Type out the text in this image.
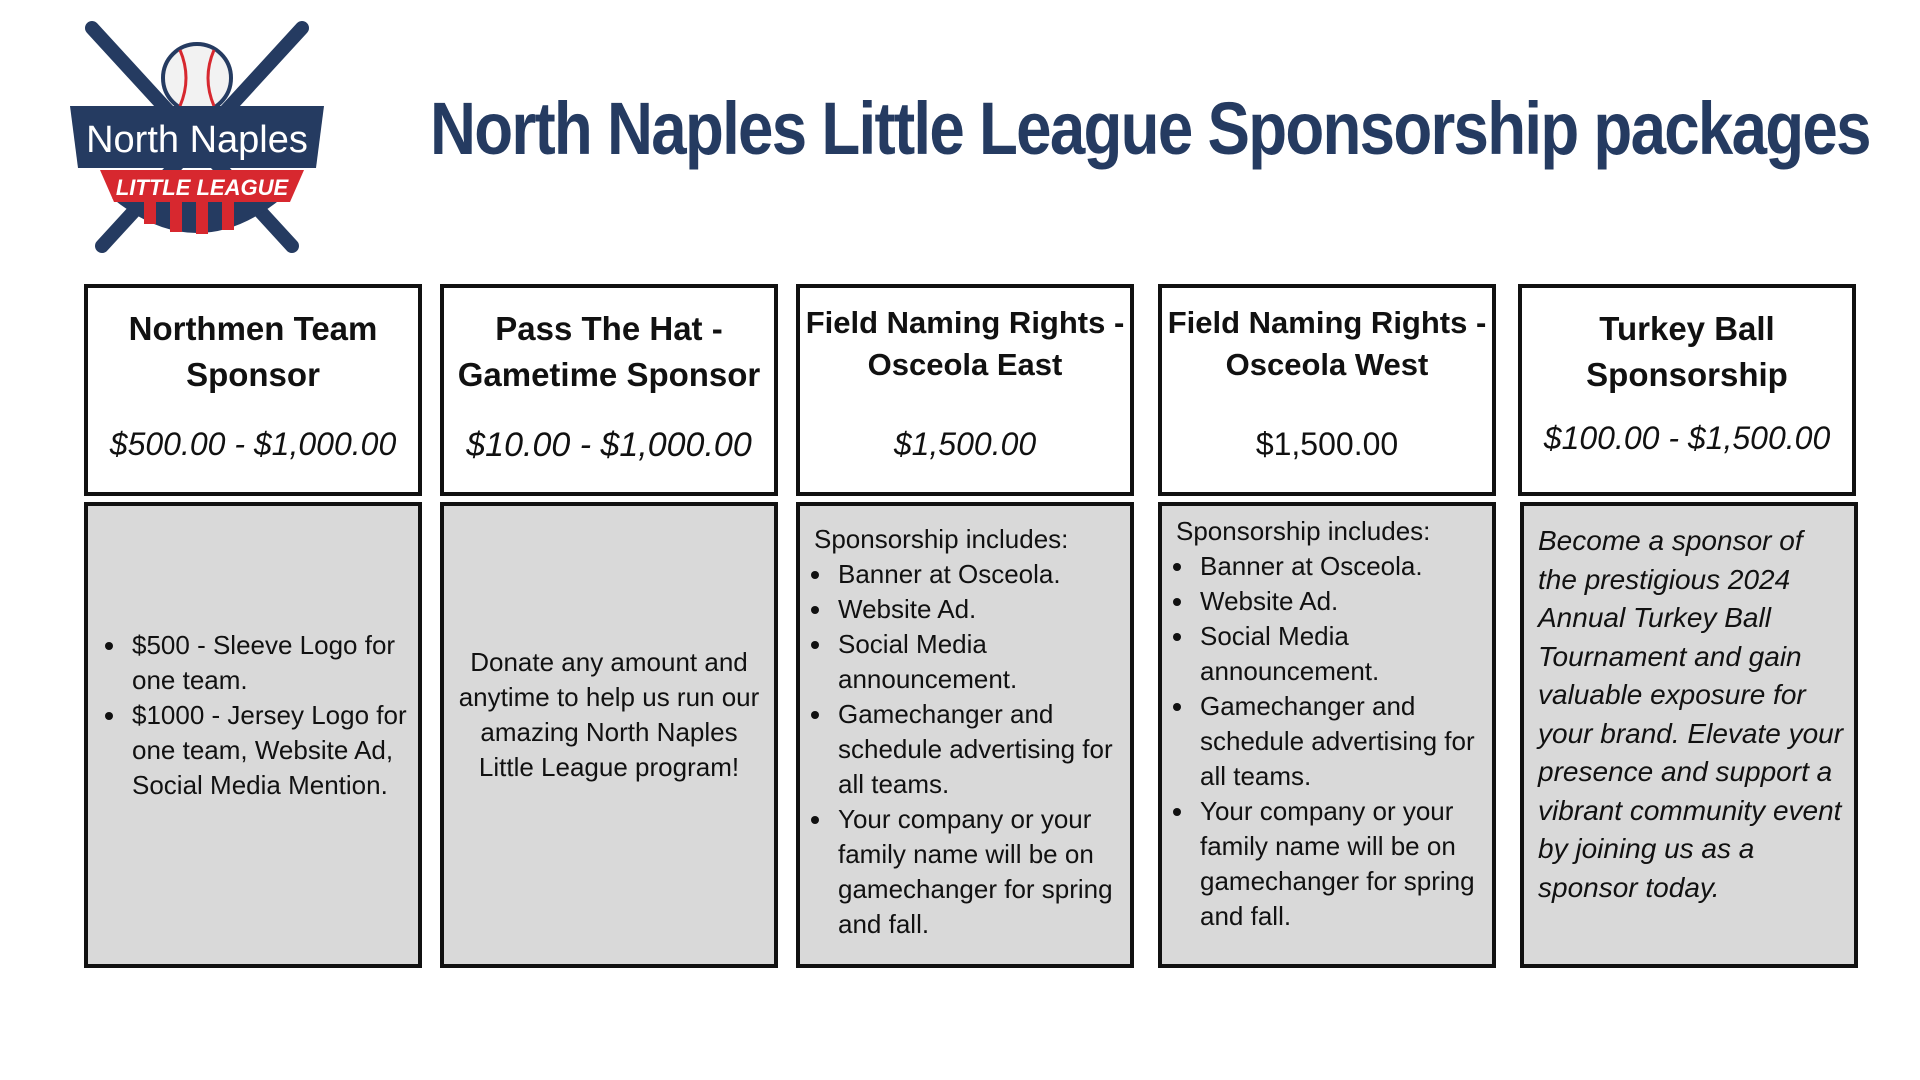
North Naples
LITTLE LEAGUE
North Naples Little League Sponsorship packages
Northmen Team Sponsor
$500.00 - $1,000.00
• $500 - Sleeve Logo for one team.
• $1000 - Jersey Logo for one team, Website Ad, Social Media Mention.
Pass The Hat - Gametime Sponsor
$10.00 - $1,000.00

Donate any amount and anytime to help us run our amazing North Naples Little League program!

Field Naming Rights - Osceola East
$1,500.00
Sponsorship includes:
• Banner at Osceola.
• Website Ad.
• Social Media announcement.
• Gamechanger and schedule advertising for all teams.
• Your company or your family name will be on gamechanger for spring and fall.
Field Naming Rights - Osceola West
$1,500.00
Sponsorship includes:
• Banner at Osceola.
• Website Ad.
• Social Media announcement.
• Gamechanger and schedule advertising for all teams.
• Your company or your family name will be on gamechanger for spring and fall.
Turkey Ball Sponsorship
$100.00 - $1,500.00

Become a sponsor of the prestigious 2024 Annual Turkey Ball Tournament and gain valuable exposure for your brand. Elevate your presence and support a vibrant community event by joining us as a sponsor today.
